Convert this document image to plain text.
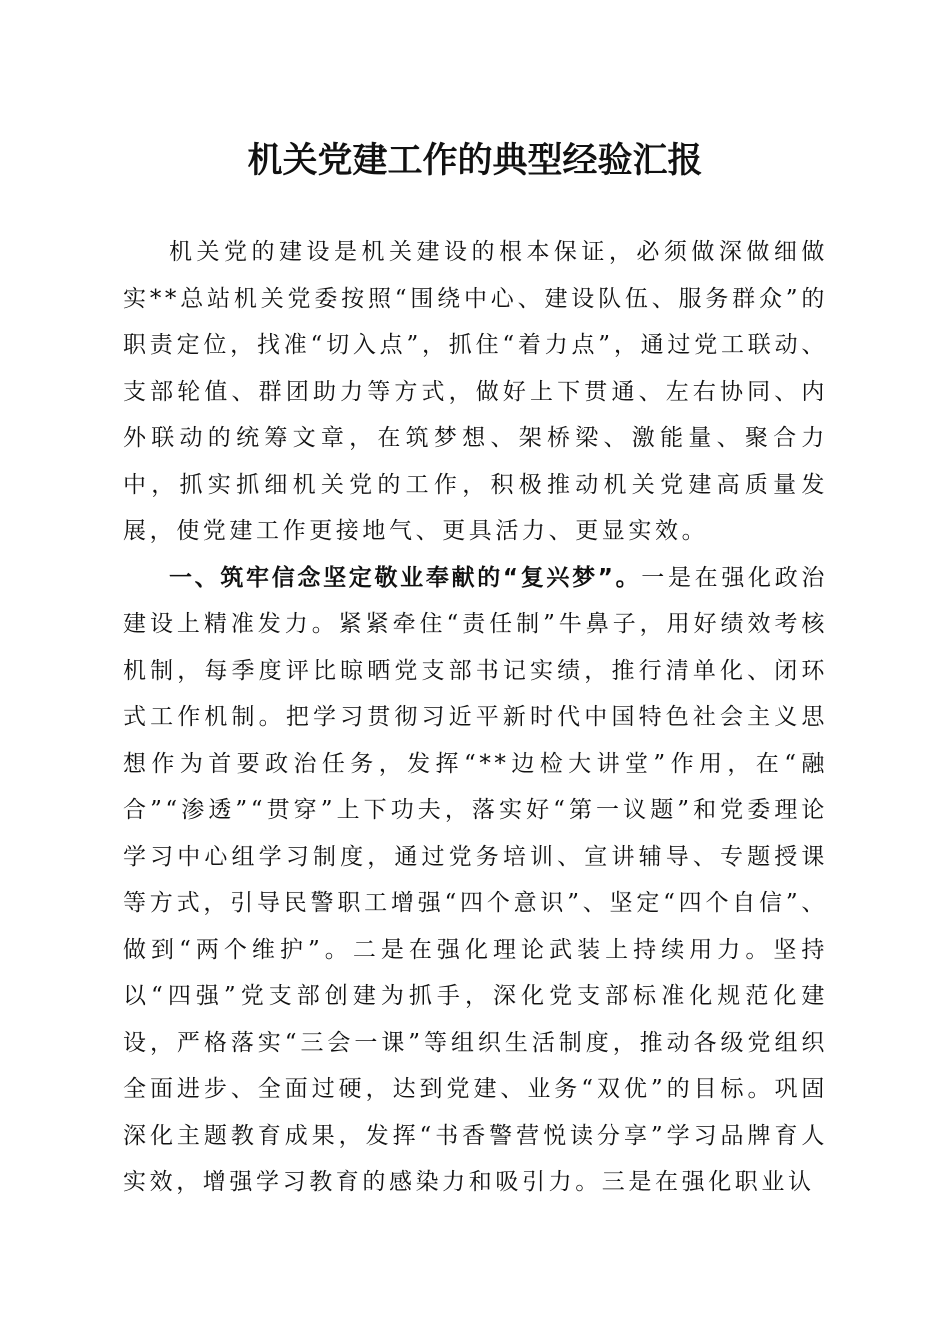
机关党建工作的典型经验汇报

机关党的建设是机关建设的根本保证，必须做深做细做实**总站机关党委按照“围绕中心、建设队伍、服务群众”的职责定位，找准“切入点”，抓住“着力点”，通过党工联动、支部轮值、群团助力等方式，做好上下贯通、左右协同、内外联动的统筹文章，在筑梦想、架桥梁、激能量、聚合力中，抓实抓细机关党的工作，积极推动机关党建高质量发展，使党建工作更接地气、更具活力、更显实效。

一、筑牢信念坚定敬业奉献的“复兴梦”。一是在强化政治建设上精准发力。紧紧牵住“责任制”牛鼻子，用好绩效考核机制，每季度评比晾晒党支部书记实绩，推行清单化、闭环式工作机制。把学习贯彻习近平新时代中国特色社会主义思想作为首要政治任务，发挥“**边检大讲堂”作用，在“融合”“渗透”“贯穿”上下功夫，落实好“第一议题”和党委理论学习中心组学习制度，通过党务培训、宣讲辅导、专题授课等方式，引导民警职工增强“四个意识”、坚定“四个自信”、做到“两个维护”。二是在强化理论武装上持续用力。坚持以“四强”党支部创建为抓手，深化党支部标准化规范化建设，严格落实“三会一课”等组织生活制度，推动各级党组织全面进步、全面过硬，达到党建、业务“双优”的目标。巩固深化主题教育成果，发挥“书香警营悦读分享”学习品牌育人实效，增强学习教育的感染力和吸引力。三是在强化职业认
